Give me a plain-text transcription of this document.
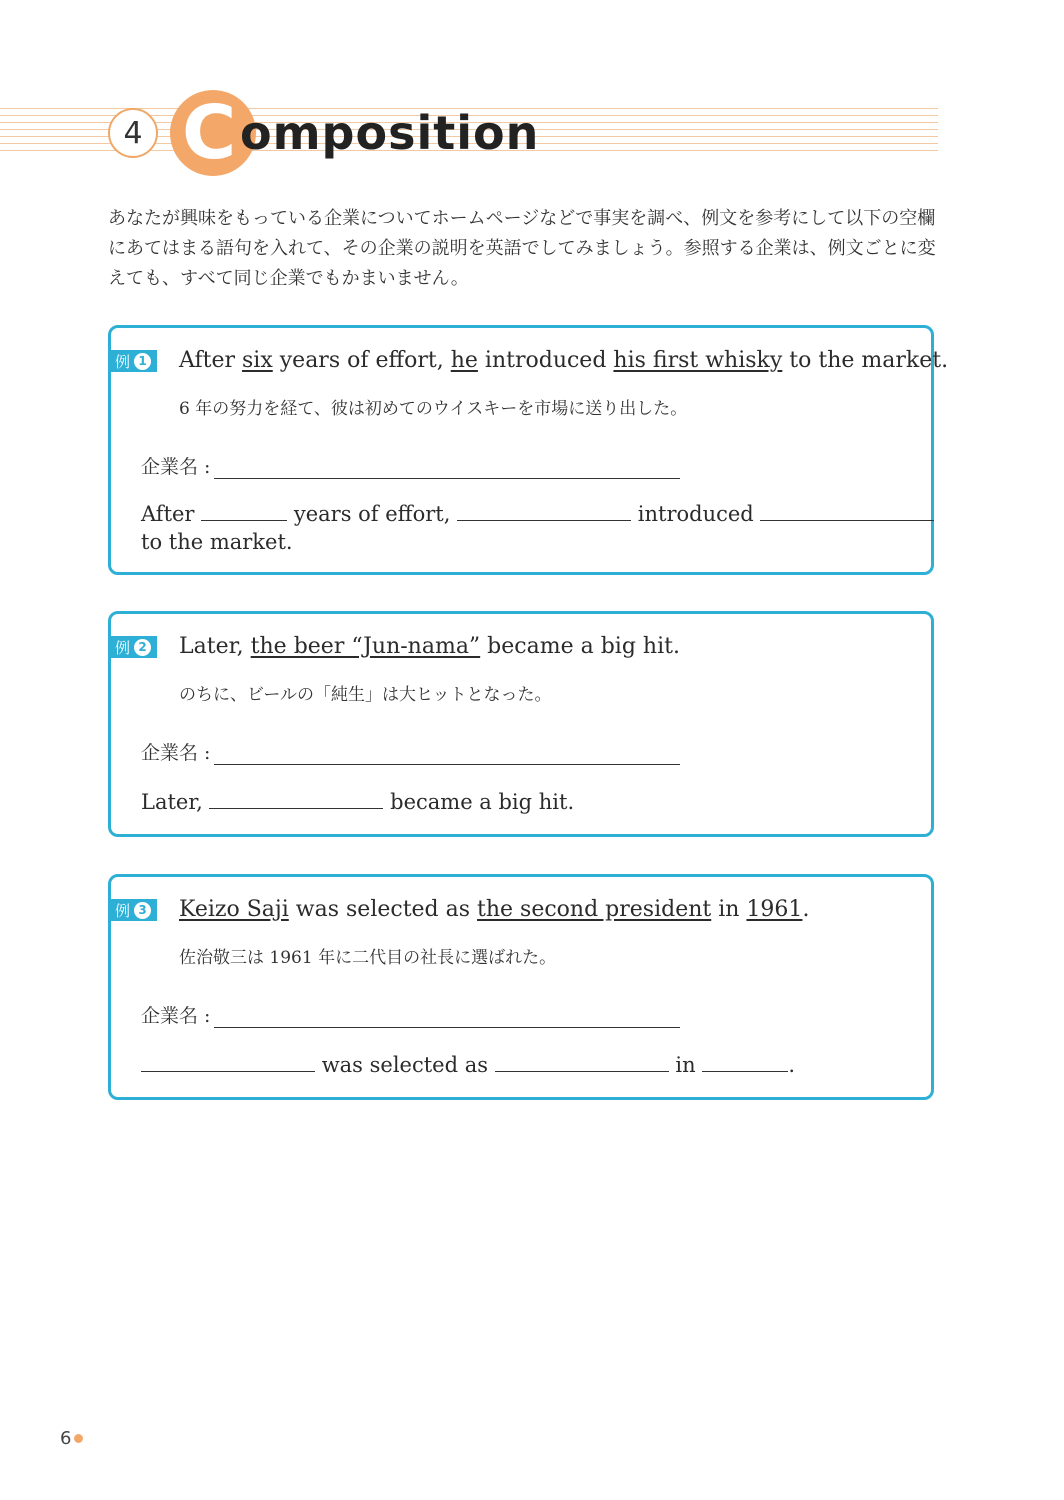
4 C omposition
あなたが興味をもっている企業についてホームページなどで事実を調べ、例文を参考にして以下の空欄にあてはまる語句を入れて、その企業の説明を英語でしてみましょう。参照する企業は、例文ごとに変えても、すべて同じ企業でもかまいません。
例 1 After six years of effort, he introduced his first whisky to the market.
6 年の努力を経て、彼は初めてのウイスキーを市場に送り出した。
企業名 :
After	years of effort,	introduced
to the market.
例 2 Later, the beer “Jun-nama” became a big hit.
のちに、ビールの「純生」は大ヒットとなった。
企業名 :
Later,	became a big hit.
例 3 Keizo Saji was selected as the second president in 1961.
佐治敬三は 1961 年に二代目の社長に選ばれた。
企業名 :
was selected as	in	.
6
